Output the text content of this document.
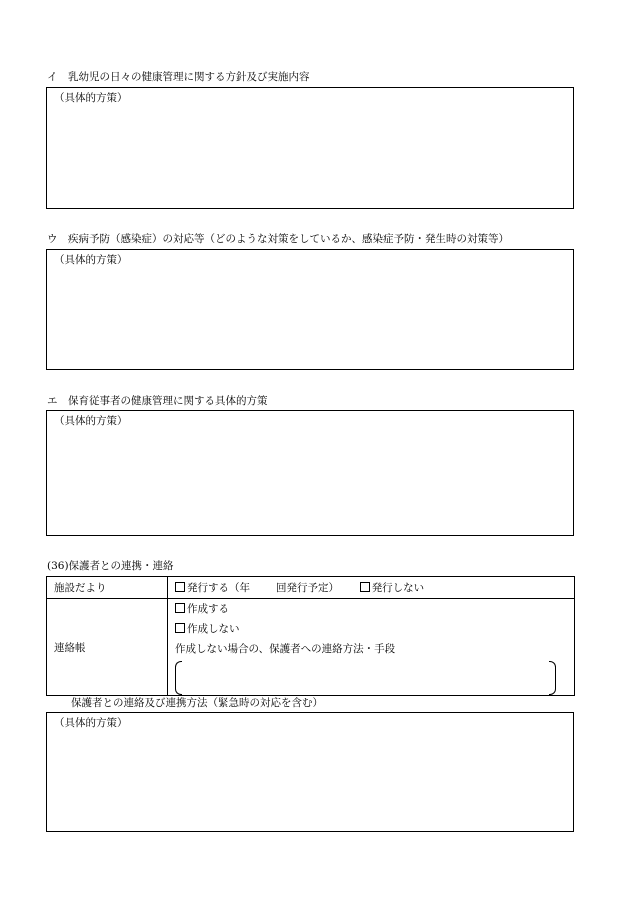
イ　乳幼児の日々の健康管理に関する方針及び実施内容
（具体的方策）
ウ　疾病予防（感染症）の対応等（どのような対策をしているか、感染症予防・発生時の対策等）
（具体的方策）
エ　保育従事者の健康管理に関する具体的方策
（具体的方策）
(36)保護者との連携・連絡
施設だより	発行する（年 回発行予定） 発行しない
連絡帳	作成する
作成しない
作成しない場合の、保護者への連絡方法・手段
保護者との連絡及び連携方法（緊急時の対応を含む）
（具体的方策）
